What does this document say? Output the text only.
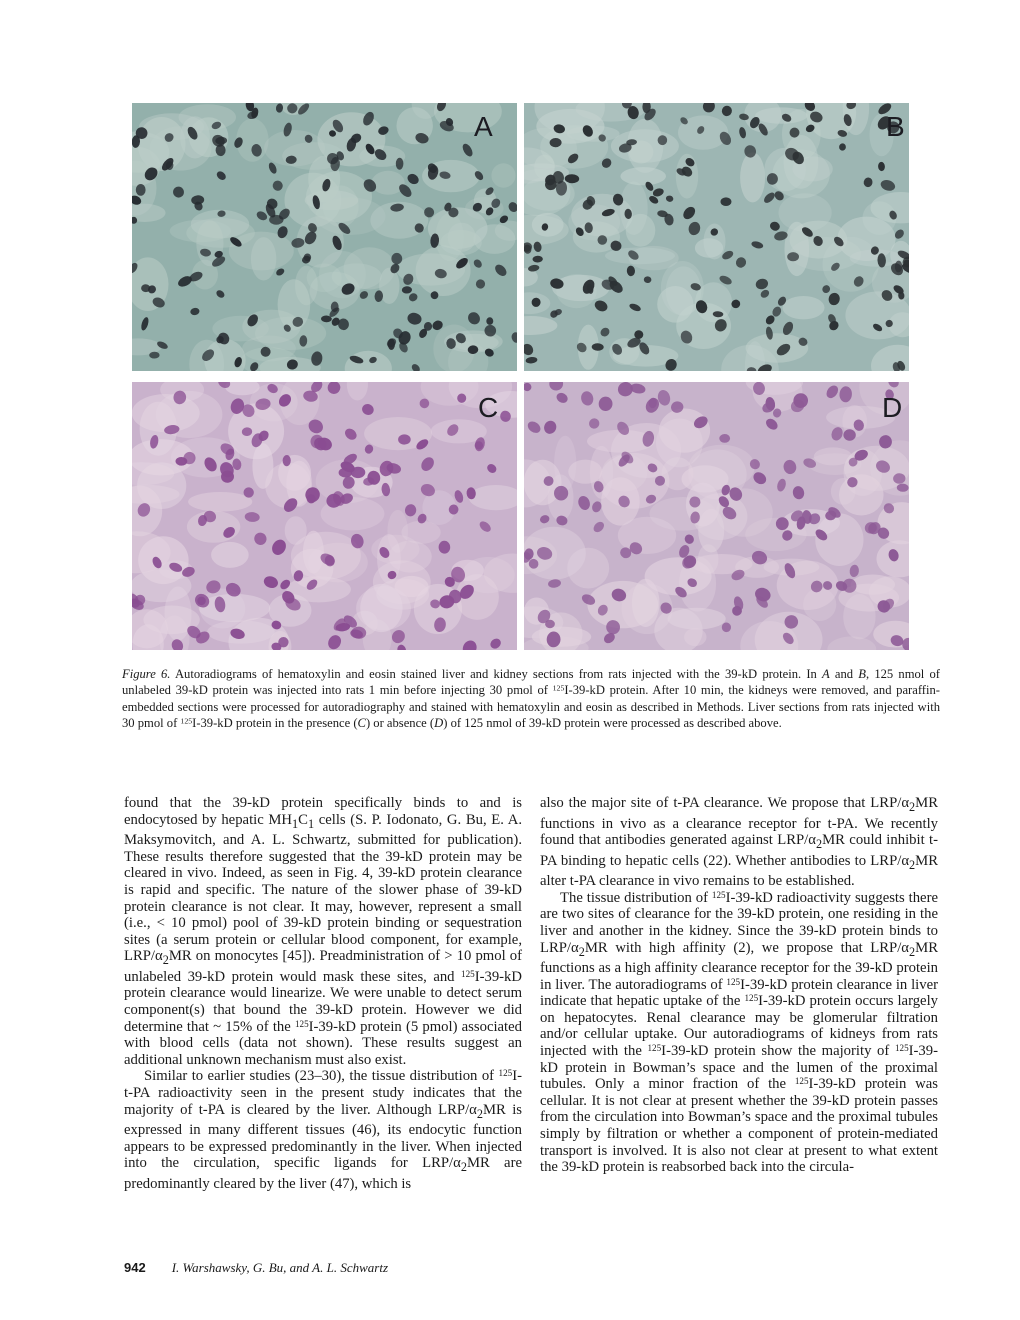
A	B
C	D
Figure 6. Autoradiograms of hematoxylin and eosin stained liver and kidney sections from rats injected with the 39-kD protein. In A and B, 125 nmol of unlabeled 39-kD protein was injected into rats 1 min before injecting 30 pmol of $^{125}$I-39-kD protein. After 10 min, the kidneys were removed, and paraffin-embedded sections were processed for autoradiography and stained with hematoxylin and eosin as described in Methods. Liver sections from rats injected with 30 pmol of $^{125}$I-39-kD protein in the presence (C) or absence (D) of 125 nmol of 39-kD protein were processed as described above.

found that the 39-kD protein specifically binds to and is endocytosed by hepatic $MH_1C_1$ cells (S. P. Iodonato, G. Bu, E. A. Maksymovitch, and A. L. Schwartz, submitted for publication). These results therefore suggested that the 39-kD protein may be cleared in vivo. Indeed, as seen in Fig. 4, 39-kD protein clearance is rapid and specific. The nature of the slower phase of 39-kD protein clearance is not clear. It may, however, represent a small (i.e., < 10 pmol) pool of 39-kD protein binding or sequestration sites (a serum protein or cellular blood component, for example, LRP/$\alpha_2MR$ on monocytes [45]). Preadministration of > 10 pmol of unlabeled 39-kD protein would mask these sites, and $^{125}$I-39-kD protein clearance would linearize. We were unable to detect serum component(s) that bound the 39-kD protein. However we did determine that ~ 15% of the $^{125}$I-39-kD protein (5 pmol) associated with blood cells (data not shown). These results suggest an additional unknown mechanism must also exist.

Similar to earlier studies (23–30), the tissue distribution of $^{125}$I-t-PA radioactivity seen in the present study indicates that the majority of t-PA is cleared by the liver. Although LRP/$\alpha_2MR$ is expressed in many different tissues (46), its endocytic function appears to be expressed predominantly in the liver. When injected into the circulation, specific ligands for LRP/$\alpha_2MR$ are predominantly cleared by the liver (47), which is

also the major site of t-PA clearance. We propose that LRP/$\alpha_2MR$ functions in vivo as a clearance receptor for t-PA. We recently found that antibodies generated against LRP/$\alpha_2MR$ could inhibit t-PA binding to hepatic cells (22). Whether antibodies to LRP/$\alpha_2MR$ alter t-PA clearance in vivo remains to be established.

The tissue distribution of $^{125}$I-39-kD radioactivity suggests there are two sites of clearance for the 39-kD protein, one residing in the liver and another in the kidney. Since the 39-kD protein binds to LRP/$\alpha_2MR$ with high affinity (2), we propose that LRP/$\alpha_2MR$ functions as a high affinity clearance receptor for the 39-kD protein in liver. The autoradiograms of $^{125}$I-39-kD protein clearance in liver indicate that hepatic uptake of the $^{125}$I-39-kD protein occurs largely on hepatocytes. Renal clearance may be glomerular filtration and/or cellular uptake. Our autoradiograms of kidneys from rats injected with the $^{125}$I-39-kD protein show the majority of $^{125}$I-39-kD protein in Bowman’s space and the lumen of the proximal tubules. Only a minor fraction of the $^{125}$I-39-kD protein was cellular. It is not clear at present whether the 39-kD protein passes from the circulation into Bowman’s space and the proximal tubules simply by filtration or whether a component of protein-mediated transport is involved. It is also not clear at present to what extent the 39-kD protein is reabsorbed back into the circula-

942 I. Warshawsky, G. Bu, and A. L. Schwartz
